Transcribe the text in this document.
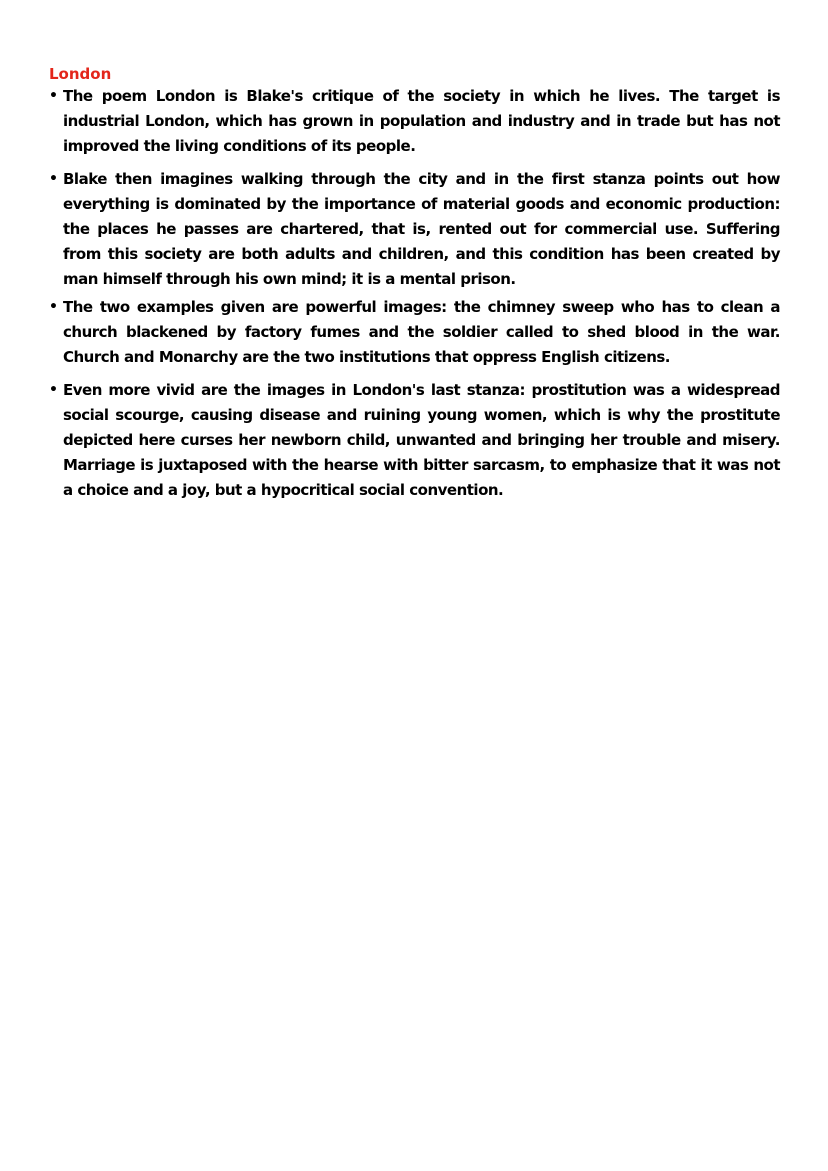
London
• The poem London is Blake's critique of the society in which he lives. The target is industrial London, which has grown in population and industry and in trade but has not improved the living conditions of its people.
• Blake then imagines walking through the city and in the first stanza points out how everything is dominated by the importance of material goods and economic production: the places he passes are chartered, that is, rented out for commercial use. Suffering from this society are both adults and children, and this condition has been created by man himself through his own mind; it is a mental prison.
• The two examples given are powerful images: the chimney sweep who has to clean a church blackened by factory fumes and the soldier called to shed blood in the war. Church and Monarchy are the two institutions that oppress English citizens.
• Even more vivid are the images in London's last stanza: prostitution was a widespread social scourge, causing disease and ruining young women, which is why the prostitute depicted here curses her newborn child, unwanted and bringing her trouble and misery. Marriage is juxtaposed with the hearse with bitter sarcasm, to emphasize that it was not a choice and a joy, but a hypocritical social convention.
